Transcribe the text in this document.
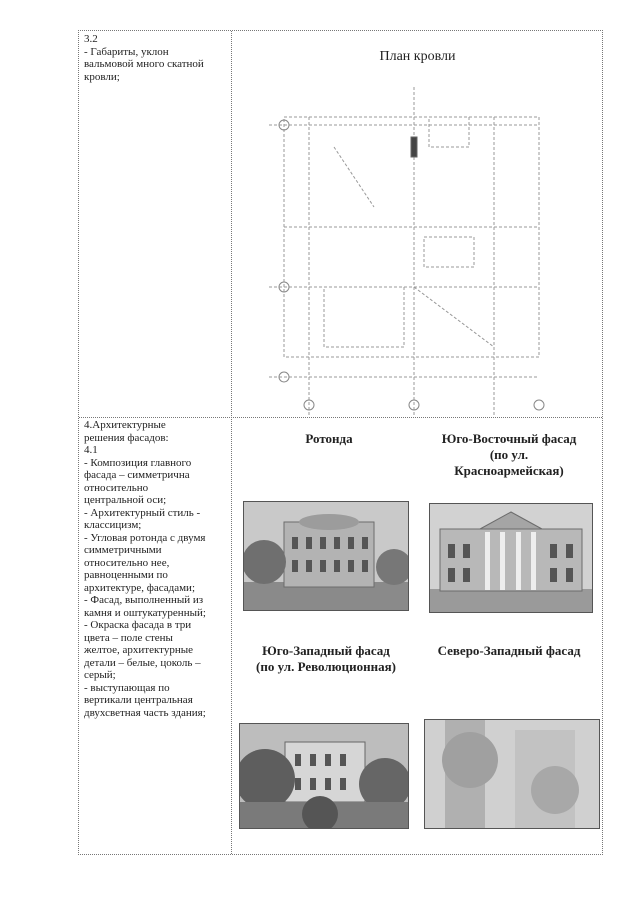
3.2
- Габариты, уклон
вальмовой много скатной
кровли;
План кровли
4.Архитектурные
решения фасадов:
4.1
- Композиция главного
фасада – симметрична
относительно
центральной оси;
- Архитектурный стиль -
классицизм;
- Угловая ротонда с двумя
симметричными
относительно нее,
равноценными по
архитектуре, фасадами;
- Фасад, выполненный из
камня и оштукатуренный;
- Окраска фасада в три
цвета – поле стены
желтое, архитектурные
детали – белые, цоколь –
серый;
- выступающая по
вертикали центральная
двухсветная часть здания;
Ротонда	Юго-Восточный фасад
(по ул.
Красноармейская)
Юго-Западный фасад
(по ул. Революционная)
Северо-Западный фасад
